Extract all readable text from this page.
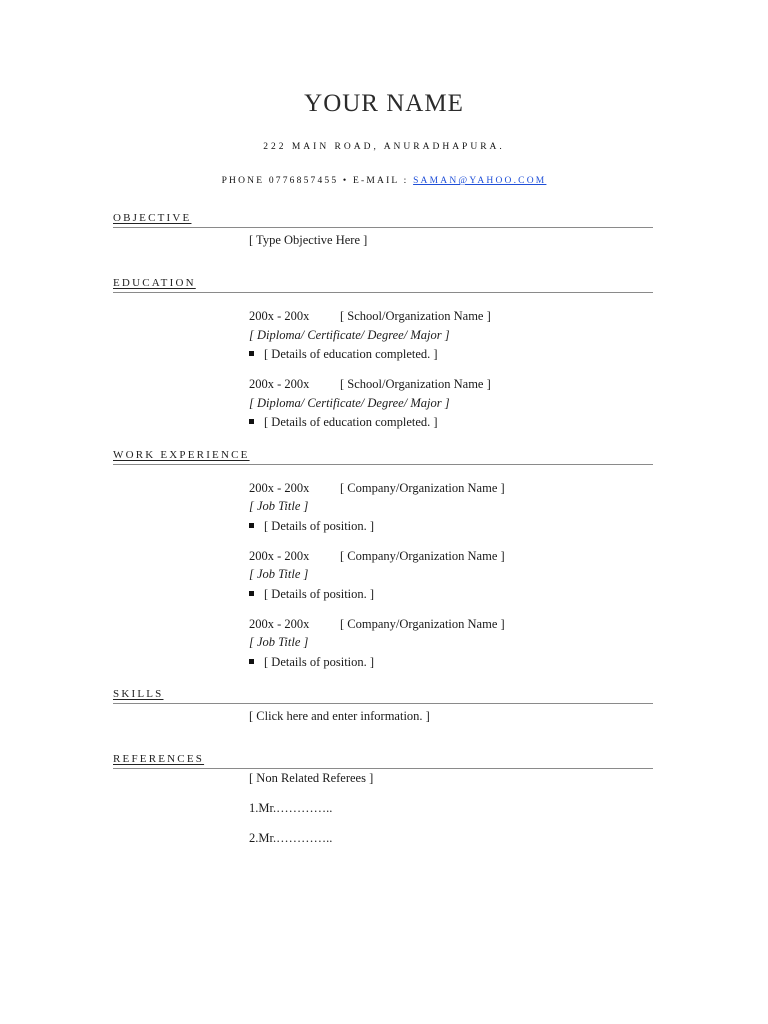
YOUR NAME
222 MAIN ROAD, ANURADHAPURA.
PHONE 0776857455 • E-MAIL : SAMAN@YAHOO.COM
OBJECTIVE
[ Type Objective Here ]
EDUCATION
200x - 200x [ School/Organization Name ]
[ Diploma/ Certificate/ Degree/ Major ]
[ Details of education completed. ]
200x - 200x [ School/Organization Name ]
[ Diploma/ Certificate/ Degree/ Major ]
[ Details of education completed. ]
WORK EXPERIENCE
200x - 200x [ Company/Organization Name ]
[ Job Title ]
[ Details of position. ]
200x - 200x [ Company/Organization Name ]
[ Job Title ]
[ Details of position. ]
200x - 200x [ Company/Organization Name ]
[ Job Title ]
[ Details of position. ]
SKILLS
[ Click here and enter information. ]
REFERENCES
[ Non Related Referees ]
1.Mr.…………..
2.Mr.…………..
